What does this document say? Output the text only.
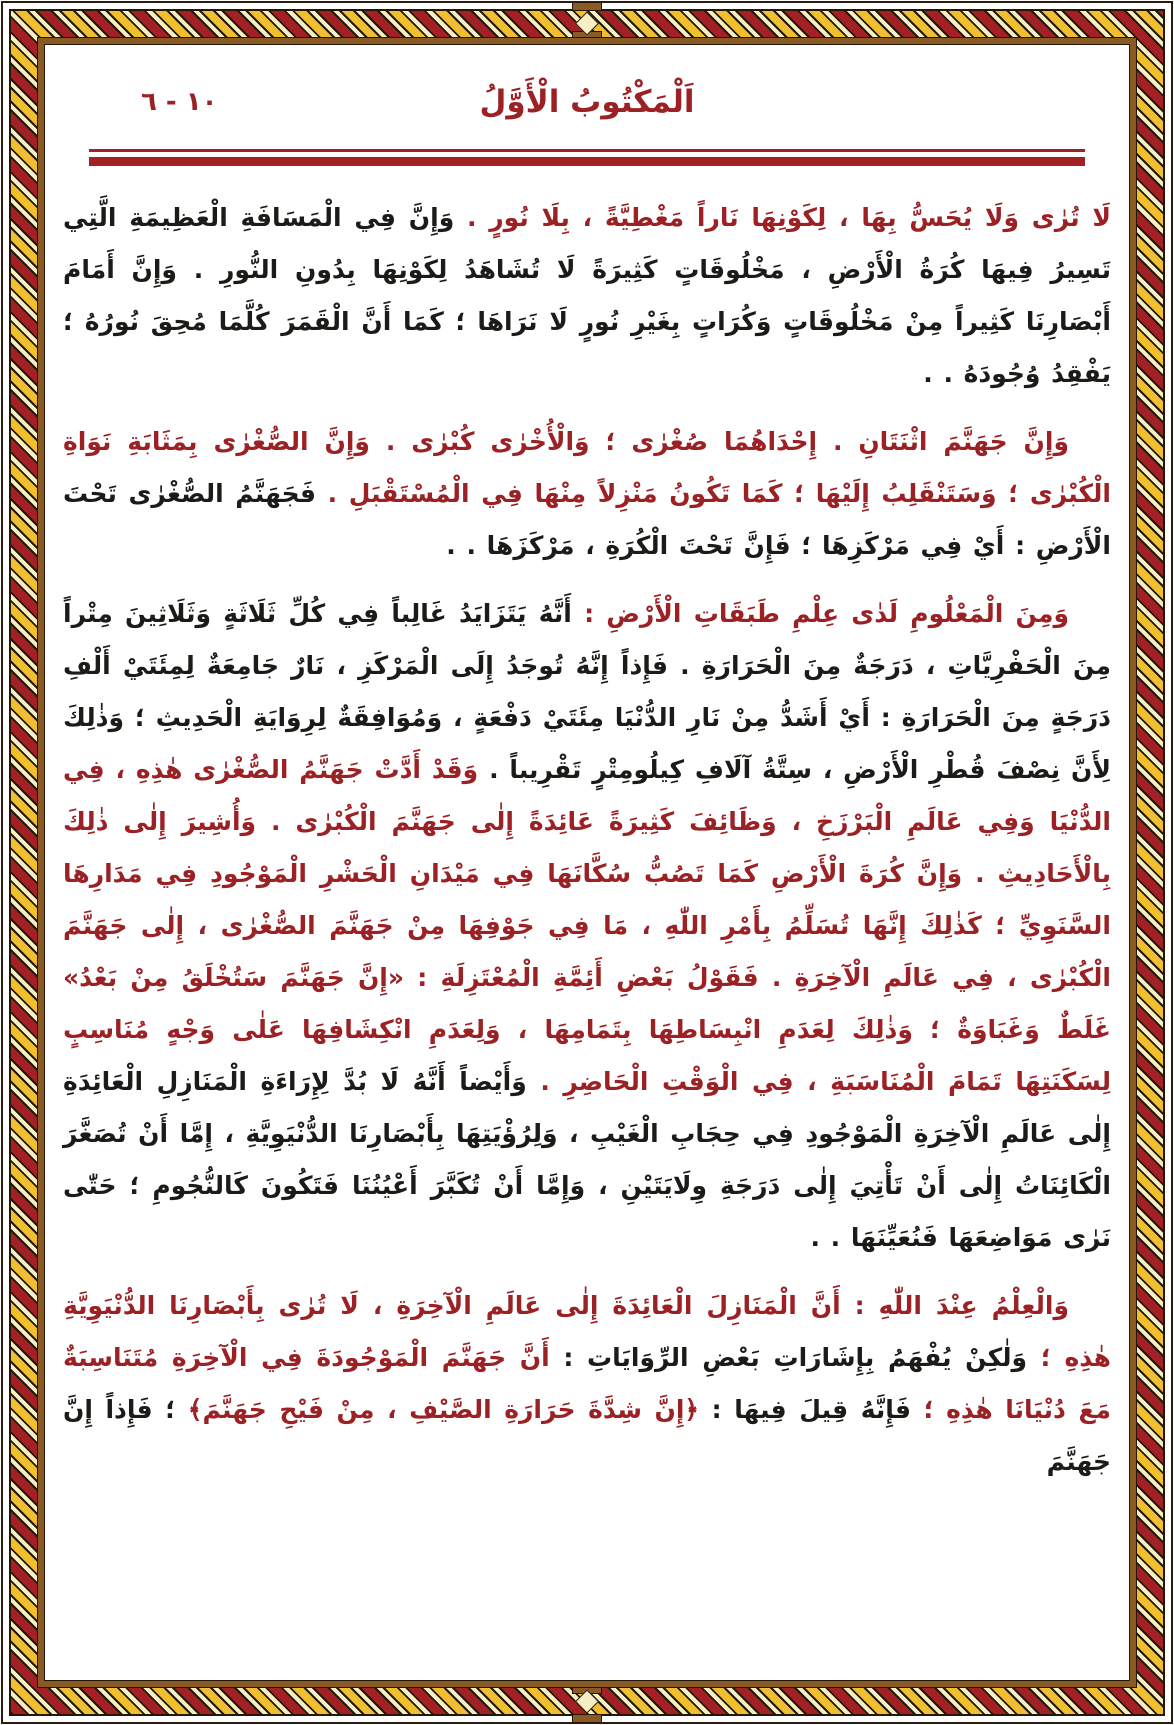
١٠ - ٦	اَلْمَكْتُوبُ الْأَوَّلُ

لَا تُرٰى وَلَا يُحَسُّ بِهَا ، لِكَوْنِهَا نَاراً مَغْطِيَّةً ، بِلَا نُورٍ . وَإِنَّ فِي الْمَسَافَةِ الْعَظِيمَةِ الَّتِي تَسِيرُ فِيهَا كُرَةُ الْأَرْضِ ، مَخْلُوقَاتٍ كَثِيرَةً لَا تُشَاهَدُ لِكَوْنِهَا بِدُونِ النُّورِ . وَإِنَّ أَمَامَ أَبْصَارِنَا كَثِيراً مِنْ مَخْلُوقَاتٍ وَكُرَاتٍ بِغَيْرِ نُورٍ لَا نَرَاهَا ؛ كَمَا أَنَّ الْقَمَرَ كُلَّمَا مُحِقَ نُورُهُ ؛ يَفْقِدُ وُجُودَهُ . .

وَإِنَّ جَهَنَّمَ اثْنَتَانِ . إِحْدَاهُمَا صُغْرٰى ؛ وَالْأُخْرٰى كُبْرٰى . وَإِنَّ الصُّغْرٰى بِمَثَابَةِ نَوَاةِ الْكُبْرٰى ؛ وَسَتَنْقَلِبُ إِلَيْهَا ؛ كَمَا تَكُونُ مَنْزِلاً مِنْهَا فِي الْمُسْتَقْبَلِ . فَجَهَنَّمُ الصُّغْرٰى تَحْتَ الْأَرْضِ : أَيْ فِي مَرْكَزِهَا ؛ فَإِنَّ تَحْتَ الْكُرَةِ ، مَرْكَزَهَا . .

وَمِنَ الْمَعْلُومِ لَدٰى عِلْمِ طَبَقَاتِ الْأَرْضِ : أَنَّهُ يَتَزَايَدُ غَالِباً فِي كُلِّ ثَلَاثَةٍ وَثَلَاثِينَ مِتْراً مِنَ الْحَفْرِيَّاتِ ، دَرَجَةٌ مِنَ الْحَرَارَةِ . فَإِذاً إِنَّهُ تُوجَدُ إِلَى الْمَرْكَزِ ، نَارٌ جَامِعَةٌ لِمِئَتَيْ أَلْفِ دَرَجَةٍ مِنَ الْحَرَارَةِ : أَيْ أَشَدُّ مِنْ نَارِ الدُّنْيَا مِئَتَيْ دَفْعَةٍ ، وَمُوَافِقَةٌ لِرِوَايَةِ الْحَدِيثِ ؛ وَذٰلِكَ لِأَنَّ نِصْفَ قُطْرِ الْأَرْضِ ، سِتَّةُ آلَافِ كِيلُومِتْرٍ تَقْرِيباً . وَقَدْ أَدَّتْ جَهَنَّمُ الصُّغْرٰى هٰذِهِ ، فِي الدُّنْيَا وَفِي عَالَمِ الْبَرْزَخِ ، وَظَائِفَ كَثِيرَةً عَائِدَةً إِلٰى جَهَنَّمَ الْكُبْرٰى . وَأُشِيرَ إِلٰى ذٰلِكَ بِالْأَحَادِيثِ . وَإِنَّ كُرَةَ الْأَرْضِ كَمَا تَصُبُّ سُكَّانَهَا فِي مَيْدَانِ الْحَشْرِ الْمَوْجُودِ فِي مَدَارِهَا السَّنَوِيِّ ؛ كَذٰلِكَ إِنَّهَا تُسَلِّمُ بِأَمْرِ اللّٰهِ ، مَا فِي جَوْفِهَا مِنْ جَهَنَّمَ الصُّغْرٰى ، إِلٰى جَهَنَّمَ الْكُبْرٰى ، فِي عَالَمِ الْآخِرَةِ . فَقَوْلُ بَعْضِ أَئِمَّةِ الْمُعْتَزِلَةِ : «إِنَّ جَهَنَّمَ سَتُخْلَقُ مِنْ بَعْدُ» غَلَطٌ وَغَبَاوَةٌ ؛ وَذٰلِكَ لِعَدَمِ انْبِسَاطِهَا بِتَمَامِهَا ، وَلِعَدَمِ انْكِشَافِهَا عَلٰى وَجْهٍ مُنَاسِبٍ لِسَكَنَتِهَا تَمَامَ الْمُنَاسَبَةِ ، فِي الْوَقْتِ الْحَاضِرِ . وَأَيْضاً أَنَّهُ لَا بُدَّ لِإِرَاءَةِ الْمَنَازِلِ الْعَائِدَةِ إِلٰى عَالَمِ الْآخِرَةِ الْمَوْجُودِ فِي حِجَابِ الْغَيْبِ ، وَلِرُؤْيَتِهَا بِأَبْصَارِنَا الدُّنْيَوِيَّةِ ، إِمَّا أَنْ تُصَغَّرَ الْكَائِنَاتُ إِلٰى أَنْ تَأْتِيَ إِلٰى دَرَجَةِ وِلَايَتَيْنِ ، وَإِمَّا أَنْ تُكَبَّرَ أَعْيُنُنَا فَتَكُونَ كَالنُّجُومِ ؛ حَتّٰى نَرٰى مَوَاضِعَهَا فَنُعَيِّنَهَا . .

وَالْعِلْمُ عِنْدَ اللّٰهِ : أَنَّ الْمَنَازِلَ الْعَائِدَةَ إِلٰى عَالَمِ الْآخِرَةِ ، لَا تُرٰى بِأَبْصَارِنَا الدُّنْيَوِيَّةِ هٰذِهِ ؛ وَلٰكِنْ يُفْهَمُ بِإِشَارَاتِ بَعْضِ الرِّوَايَاتِ : أَنَّ جَهَنَّمَ الْمَوْجُودَةَ فِي الْآخِرَةِ مُتَنَاسِبَةٌ مَعَ دُنْيَانَا هٰذِهِ ؛ فَإِنَّهُ قِيلَ فِيهَا : ﴿إِنَّ شِدَّةَ حَرَارَةِ الصَّيْفِ ، مِنْ فَيْحِ جَهَنَّمَ﴾ ؛ فَإِذاً إِنَّ جَهَنَّمَ
